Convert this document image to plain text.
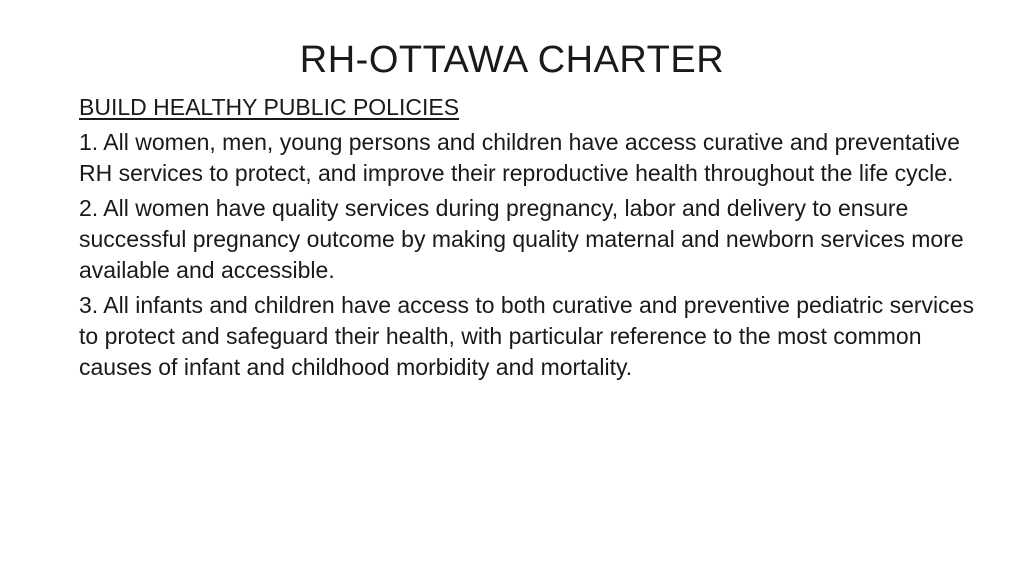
RH-OTTAWA CHARTER

BUILD HEALTHY PUBLIC POLICIES

1. All women, men, young persons and children have access curative and preventative RH services to protect, and improve their reproductive health throughout the life cycle.

2. All women have quality services during pregnancy, labor and delivery to ensure successful pregnancy outcome by making quality maternal and newborn services more available and accessible.

3. All infants and children have access to both curative and preventive pediatric services to protect and safeguard their health, with particular reference to the most common causes of infant and childhood morbidity and mortality.
